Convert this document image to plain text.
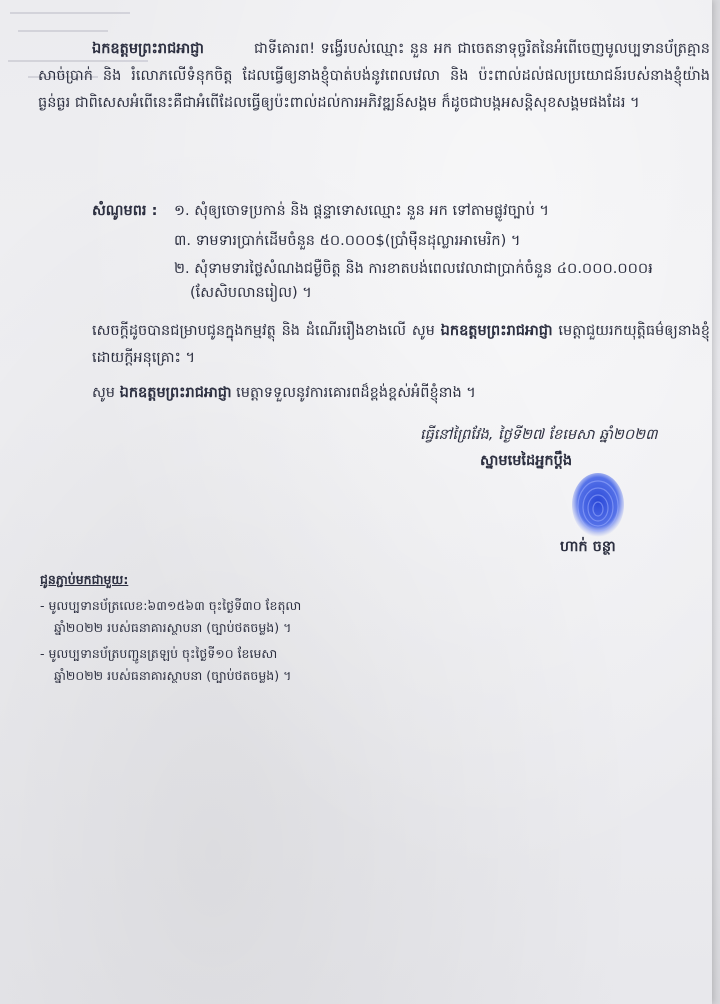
ឯកឧត្តមព្រះរាជអាជ្ញា	ជាទីគោរព! ទង្វើរបស់ឈ្មោះ នួន អក ជាចេតនាទុច្ចរិតនៃអំពើចេញមូលប្បទានប័ត្រគ្មានសាច់ប្រាក់ និង រំលោភលើទំនុកចិត្ត ដែលធ្វើឲ្យនាងខ្ញុំបាត់បង់នូវពេលវេលា និង ប៉ះពាល់ដល់ផលប្រយោជន៍របស់នាងខ្ញុំយ៉ាងធ្ងន់ធ្ងរ ជាពិសេសអំពើនេះគឺជាអំពើដែលធ្វើឲ្យប៉ះពាល់ដល់ការអភិវឌ្ឍន៍សង្គម ក៏ដូចជាបង្កអសន្តិសុខសង្គមផងដែរ ។
សំណូមពរ : ១. សុំឲ្យចោទប្រកាន់ និង ផ្តន្ទាទោសឈ្មោះ នួន អក ទៅតាមផ្លូវច្បាប់ ។
៣. ទាមទារប្រាក់ដើមចំនួន ៥០.០០០$(ប្រាំម៉ឺនដុល្លារអាមេរិក) ។
២. សុំទាមទារថ្លៃសំណងជម្ងឺចិត្ត និង ការខាតបង់ពេលវេលាជាប្រាក់ចំនួន ៤០.០០០.០០០៛
(សែសិបលានរៀល) ។
សេចក្តីដូចបានជម្រាបជូនក្នុងកម្មវត្ថុ និង ដំណើររឿងខាងលើ សូម ឯកឧត្តមព្រះរាជអាជ្ញា មេត្តាជួយរកយុត្តិធម៌ឲ្យនាងខ្ញុំដោយក្តីអនុគ្រោះ ។
សូម ឯកឧត្តមព្រះរាជអាជ្ញា មេត្តាទទួលនូវការគោរពដ៏ខ្ពង់ខ្ពស់អំពីខ្ញុំនាង ។
ធ្វើនៅព្រៃវែង, ថ្ងៃទី២៧ ខែមេសា ឆ្នាំ២០២៣
ស្នាមមេដៃអ្នកប្តឹង
ហាក់ ចន្ថា
ជូនភ្ជាប់មកជាមួយ:
- មូលប្បទានប័ត្រលេខ:៦៣១៥៦៣ ចុះថ្ងៃទី៣០ ខែតុលា
ឆ្នាំ២០២២ របស់ធនាគារស្ថាបនា (ច្បាប់ថតចម្លង) ។
- មូលប្បទានប័ត្របញ្ជូនត្រឡប់ ចុះថ្ងៃទី១០ ខែមេសា
ឆ្នាំ២០២២ របស់ធនាគារស្ថាបនា (ច្បាប់ថតចម្លង) ។
